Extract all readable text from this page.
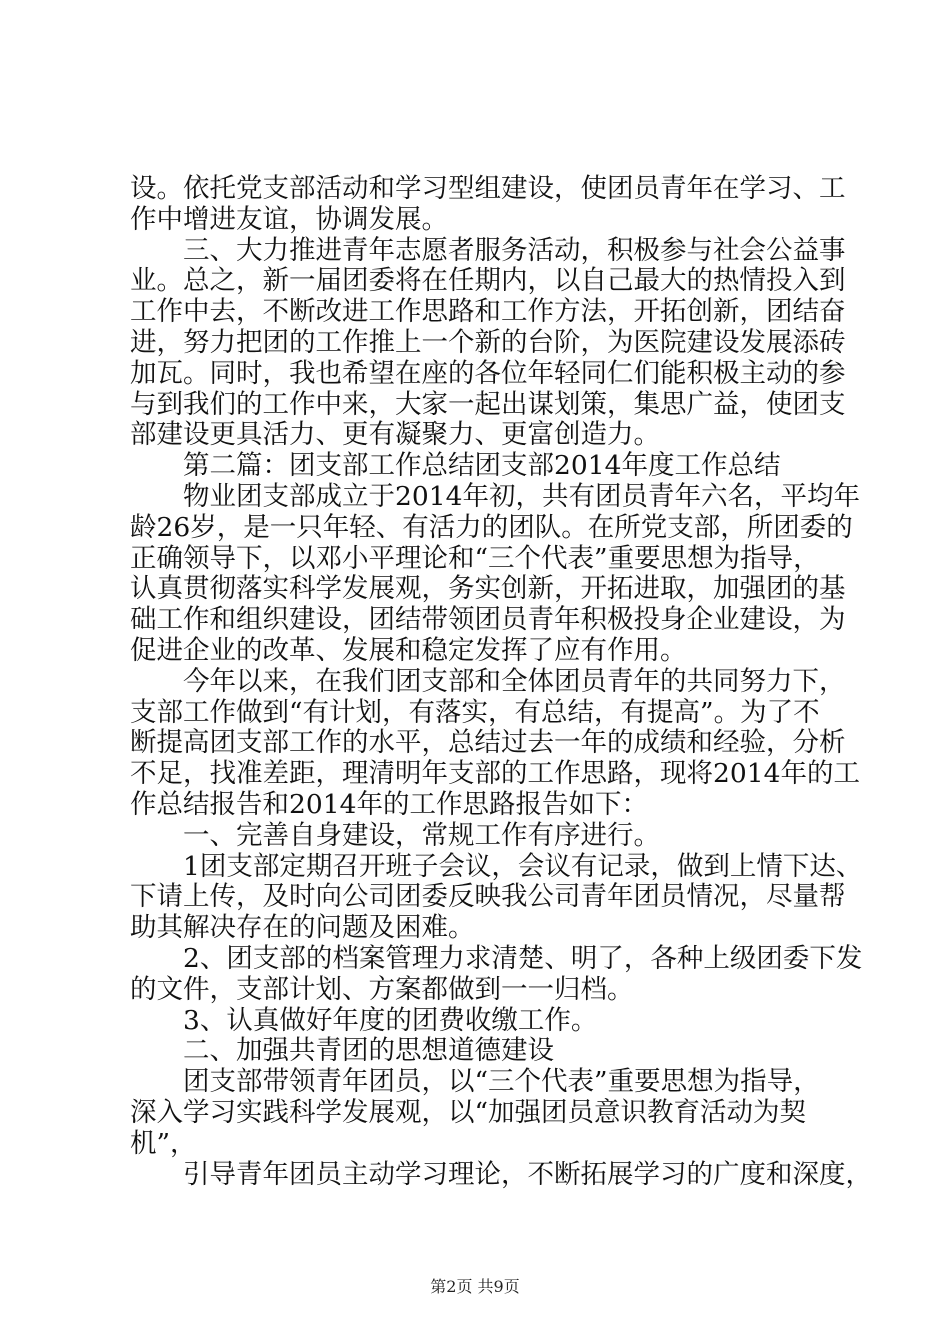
设。依托党支部活动和学习型组建设，使团员青年在学习、工
作中增进友谊，协调发展。
　　三、大力推进青年志愿者服务活动，积极参与社会公益事
业。总之，新一届团委将在任期内，以自己最大的热情投入到
工作中去，不断改进工作思路和工作方法，开拓创新，团结奋
进，努力把团的工作推上一个新的台阶，为医院建设发展添砖
加瓦。同时，我也希望在座的各位年轻同仁们能积极主动的参
与到我们的工作中来，大家一起出谋划策，集思广益，使团支
部建设更具活力、更有凝聚力、更富创造力。
　　第二篇：团支部工作总结团支部2014年度工作总结
　　物业团支部成立于2014年初，共有团员青年六名，平均年
龄26岁，是一只年轻、有活力的团队。在所党支部，所团委的
正确领导下，以邓小平理论和“三个代表”重要思想为指导，
认真贯彻落实科学发展观，务实创新，开拓进取，加强团的基
础工作和组织建设，团结带领团员青年积极投身企业建设，为
促进企业的改革、发展和稳定发挥了应有作用。
　　今年以来，在我们团支部和全体团员青年的共同努力下，
支部工作做到“有计划，有落实，有总结，有提高”。为了不
断提高团支部工作的水平，总结过去一年的成绩和经验，分析
不足，找准差距，理清明年支部的工作思路，现将2014年的工
作总结报告和2014年的工作思路报告如下：
　　一、完善自身建设，常规工作有序进行。
　　1团支部定期召开班子会议，会议有记录，做到上情下达、
下请上传，及时向公司团委反映我公司青年团员情况，尽量帮
助其解决存在的问题及困难。
　　2、团支部的档案管理力求清楚、明了，各种上级团委下发
的文件，支部计划、方案都做到一一归档。
　　3、认真做好年度的团费收缴工作。
　　二、加强共青团的思想道德建设
　　团支部带领青年团员，以“三个代表”重要思想为指导，
深入学习实践科学发展观，以“加强团员意识教育活动为契
机”，
　　引导青年团员主动学习理论，不断拓展学习的广度和深度，
第2页 共9页
